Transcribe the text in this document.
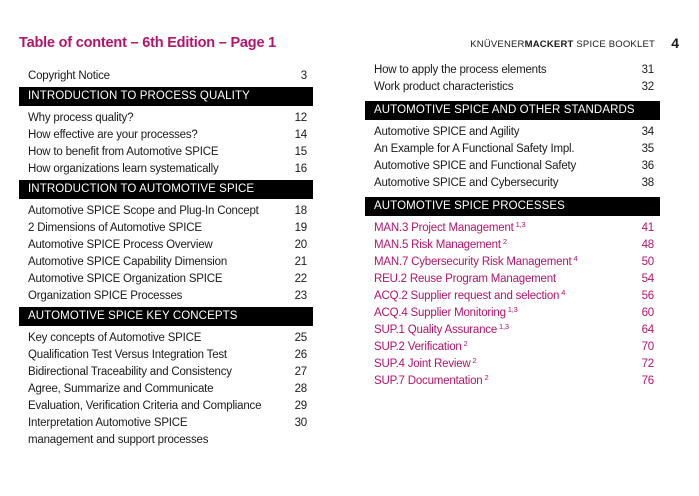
Table of content – 6th Edition – Page 1	KNÜVENERMACKERT SPICE BOOKLET 4
Copyright Notice	3
INTRODUCTION TO PROCESS QUALITY
Why process quality?	12
How effective are your processes?	14
How to benefit from Automotive SPICE	15
How organizations learn systematically	16
INTRODUCTION TO AUTOMOTIVE SPICE
Automotive SPICE Scope and Plug-In Concept	18
2 Dimensions of Automotive SPICE	19
Automotive SPICE Process Overview	20
Automotive SPICE Capability Dimension	21
Automotive SPICE Organization SPICE	22
Organization SPICE Processes	23
AUTOMOTIVE SPICE KEY CONCEPTS
Key concepts of Automotive SPICE	25
Qualification Test Versus Integration Test	26
Bidirectional Traceability and Consistency	27
Agree, Summarize and Communicate	28
Evaluation, Verification Criteria and Compliance	29
Interpretation Automotive SPICE	30
management and support processes
How to apply the process elements	31
Work product characteristics	32
AUTOMOTIVE SPICE AND OTHER STANDARDS
Automotive SPICE and Agility	34
An Example for A Functional Safety Impl.	35
Automotive SPICE and Functional Safety	36
Automotive SPICE and Cybersecurity	38
AUTOMOTIVE SPICE PROCESSES
MAN.3 Project Management $^{1,3}$	41
MAN.5 Risk Management $^2$	48
MAN.7 Cybersecurity Risk Management $^4$	50
REU.2 Reuse Program Management	54
ACQ.2 Supplier request and selection $^4$	56
ACQ.4 Supplier Monitoring $^{1,3}$	60
SUP.1 Quality Assurance $^{1,3}$	64
SUP.2 Verification $^2$	70
SUP.4 Joint Review $^2$	72
SUP.7 Documentation $^2$	76
